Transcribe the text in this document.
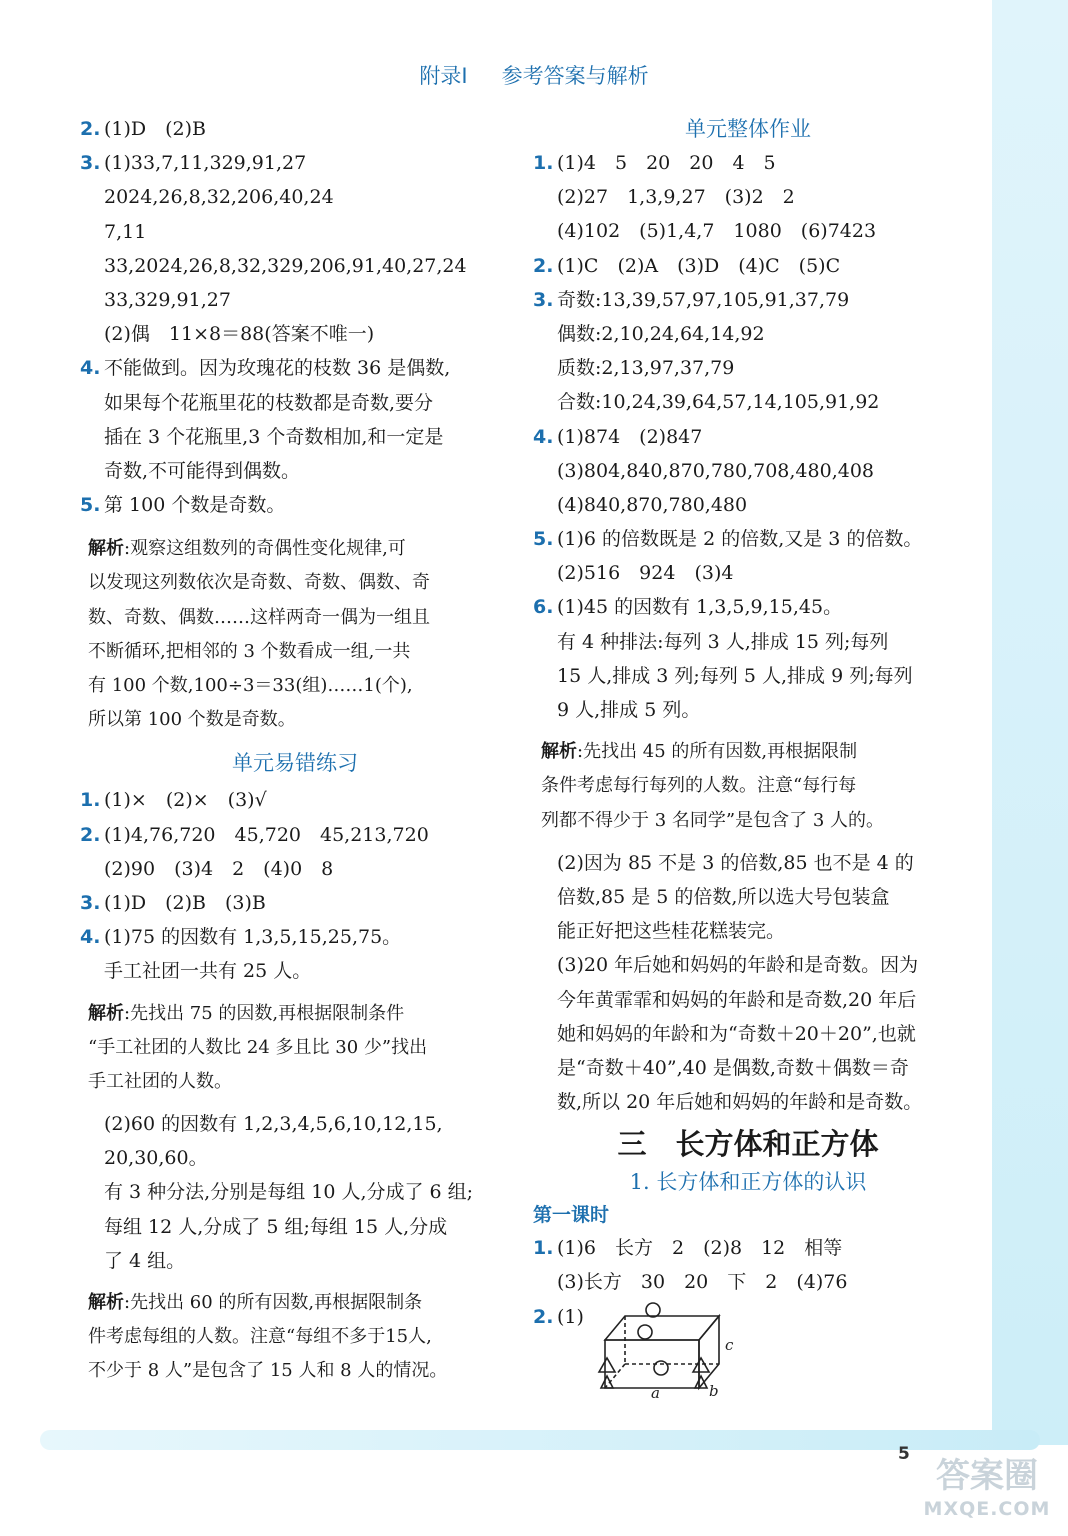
附录Ⅰ 参考答案与解析
2. (1)D　(2)B
3. (1)33,7,11,329,91,27
2024,26,8,32,206,40,24
7,11
33,2024,26,8,32,329,206,91,40,27,24
33,329,91,27
(2)偶　11×8＝88(答案不唯一)
4. 不能做到。因为玫瑰花的枝数 36 是偶数,
如果每个花瓶里花的枝数都是奇数,要分
插在 3 个花瓶里,3 个奇数相加,和一定是
奇数,不可能得到偶数。
5. 第 100 个数是奇数。
解析:观察这组数列的奇偶性变化规律,可
以发现这列数依次是奇数、奇数、偶数、奇
数、奇数、偶数……这样两奇一偶为一组且
不断循环,把相邻的 3 个数看成一组,一共
有 100 个数,100÷3＝33(组)……1(个),
所以第 100 个数是奇数。
单元易错练习
1. (1)×　(2)×　(3)√
2. (1)4,76,720　45,720　45,213,720
(2)90　(3)4　2　(4)0　8
3. (1)D　(2)B　(3)B
4. (1)75 的因数有 1,3,5,15,25,75。
手工社团一共有 25 人。
解析:先找出 75 的因数,再根据限制条件
“手工社团的人数比 24 多且比 30 少”找出
手工社团的人数。
(2)60 的因数有 1,2,3,4,5,6,10,12,15,
20,30,60。
有 3 种分法,分别是每组 10 人,分成了 6 组;
每组 12 人,分成了 5 组;每组 15 人,分成
了 4 组。
解析:先找出 60 的所有因数,再根据限制条
件考虑每组的人数。注意“每组不多于15人,
不少于 8 人”是包含了 15 人和 8 人的情况。
单元整体作业
1. (1)4　5　20　20　4　5
(2)27　1,3,9,27　(3)2　2
(4)102　(5)1,4,7　1080　(6)7423
2. (1)C　(2)A　(3)D　(4)C　(5)C
3. 奇数:13,39,57,97,105,91,37,79
偶数:2,10,24,64,14,92
质数:2,13,97,37,79
合数:10,24,39,64,57,14,105,91,92
4. (1)874　(2)847
(3)804,840,870,780,708,480,408
(4)840,870,780,480
5. (1)6 的倍数既是 2 的倍数,又是 3 的倍数。
(2)516　924　(3)4
6. (1)45 的因数有 1,3,5,9,15,45。
有 4 种排法:每列 3 人,排成 15 列;每列
15 人,排成 3 列;每列 5 人,排成 9 列;每列
9 人,排成 5 列。
解析:先找出 45 的所有因数,再根据限制
条件考虑每行每列的人数。注意“每行每
列都不得少于 3 名同学”是包含了 3 人的。
(2)因为 85 不是 3 的倍数,85 也不是 4 的
倍数,85 是 5 的倍数,所以选大号包装盒
能正好把这些桂花糕装完。
(3)20 年后她和妈妈的年龄和是奇数。因为
今年黄霏霏和妈妈的年龄和是奇数,20 年后
她和妈妈的年龄和为“奇数＋20＋20”,也就
是“奇数＋40”,40 是偶数,奇数＋偶数＝奇
数,所以 20 年后她和妈妈的年龄和是奇数。
三　长方体和正方体
1. 长方体和正方体的认识
第一课时
1. (1)6　长方　2　(2)8　12　相等
(3)长方　30　20　下　2　(4)76
2. (1)
a	b
c
5
答案圈
MXQE.COM
